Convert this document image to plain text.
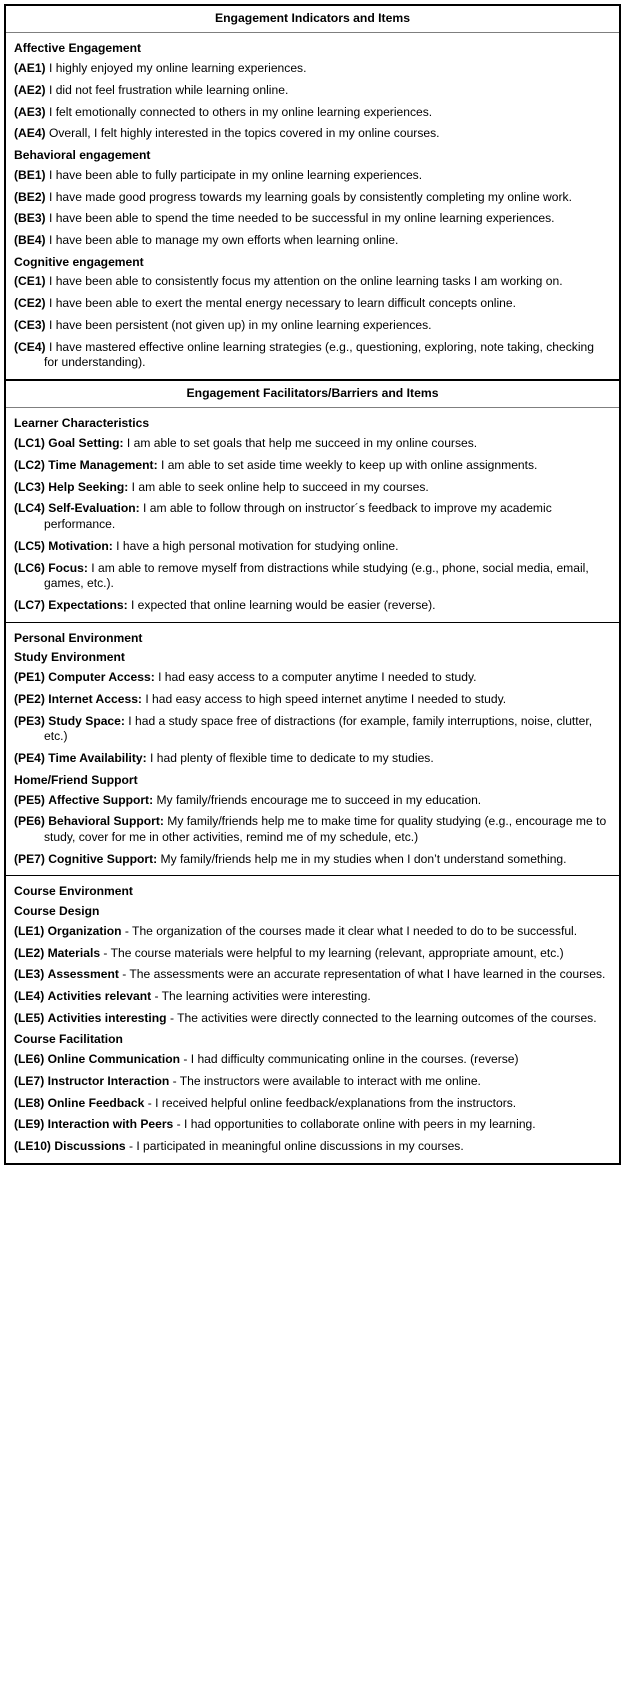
Engagement Indicators and Items
Affective Engagement

(AE1) I highly enjoyed my online learning experiences.

(AE2) I did not feel frustration while learning online.

(AE3) I felt emotionally connected to others in my online learning experiences.

(AE4) Overall, I felt highly interested in the topics covered in my online courses.

Behavioral engagement

(BE1) I have been able to fully participate in my online learning experiences.

(BE2) I have made good progress towards my learning goals by consistently completing my online work.

(BE3) I have been able to spend the time needed to be successful in my online learning experiences.

(BE4) I have been able to manage my own efforts when learning online.

Cognitive engagement

(CE1) I have been able to consistently focus my attention on the online learning tasks I am working on.

(CE2) I have been able to exert the mental energy necessary to learn difficult concepts online.

(CE3) I have been persistent (not given up) in my online learning experiences.

(CE4) I have mastered effective online learning strategies (e.g., questioning, exploring, note taking, checking for understanding).

Engagement Facilitators/Barriers and Items
Learner Characteristics

(LC1) Goal Setting: I am able to set goals that help me succeed in my online courses.

(LC2) Time Management: I am able to set aside time weekly to keep up with online assignments.

(LC3) Help Seeking: I am able to seek online help to succeed in my courses.

(LC4) Self-Evaluation: I am able to follow through on instructor´s feedback to improve my academic performance.

(LC5) Motivation: I have a high personal motivation for studying online.

(LC6) Focus: I am able to remove myself from distractions while studying (e.g., phone, social media, email, games, etc.).

(LC7) Expectations: I expected that online learning would be easier (reverse).

Personal Environment
Study Environment

(PE1) Computer Access: I had easy access to a computer anytime I needed to study.

(PE2) Internet Access: I had easy access to high speed internet anytime I needed to study.

(PE3) Study Space: I had a study space free of distractions (for example, family interruptions, noise, clutter, etc.)

(PE4) Time Availability: I had plenty of flexible time to dedicate to my studies.

Home/Friend Support

(PE5) Affective Support: My family/friends encourage me to succeed in my education.

(PE6) Behavioral Support: My family/friends help me to make time for quality studying (e.g., encourage me to study, cover for me in other activities, remind me of my schedule, etc.)

(PE7) Cognitive Support: My family/friends help me in my studies when I don’t understand something.

Course Environment
Course Design

(LE1) Organization - The organization of the courses made it clear what I needed to do to be successful.

(LE2) Materials - The course materials were helpful to my learning (relevant, appropriate amount, etc.)

(LE3) Assessment - The assessments were an accurate representation of what I have learned in the courses.

(LE4) Activities relevant - The learning activities were interesting.

(LE5) Activities interesting - The activities were directly connected to the learning outcomes of the courses.

Course Facilitation

(LE6) Online Communication - I had difficulty communicating online in the courses. (reverse)

(LE7) Instructor Interaction - The instructors were available to interact with me online.

(LE8) Online Feedback - I received helpful online feedback/explanations from the instructors.

(LE9) Interaction with Peers - I had opportunities to collaborate online with peers in my learning.

(LE10) Discussions - I participated in meaningful online discussions in my courses.
